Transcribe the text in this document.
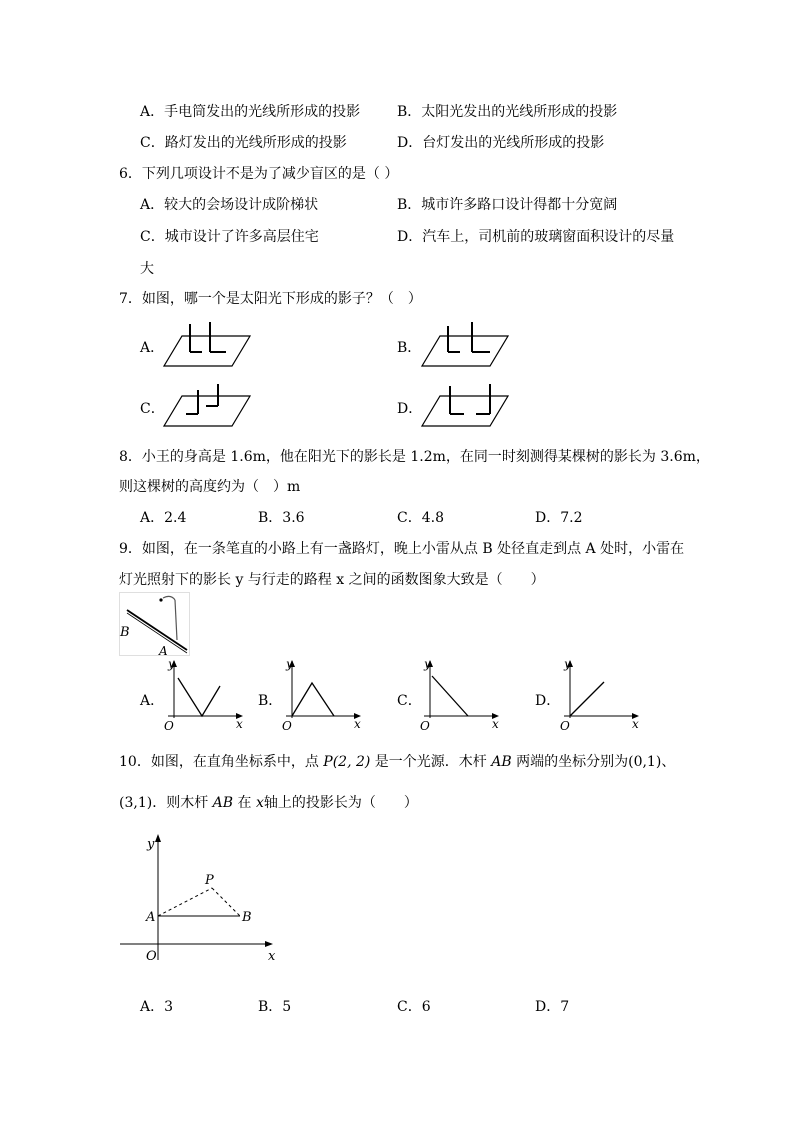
A．手电筒发出的光线所形成的投影	B．太阳光发出的光线所形成的投影
C．路灯发出的光线所形成的投影	D．台灯发出的光线所形成的投影
6．下列几项设计不是为了减少盲区的是（ ）
A．较大的会场设计成阶梯状	B．城市许多路口设计得都十分宽阔
C．城市设计了许多高层住宅	D．汽车上，司机前的玻璃窗面积设计的尽量
大
7．如图，哪一个是太阳光下形成的影子？（　）
A．	B．
C．	D．
8．小王的身高是 1.6m，他在阳光下的影长是 1.2m，在同一时刻测得某棵树的影长为 3.6m，
则这棵树的高度约为（　）m
A．2.4	B．3.6	C．4.8	D．7.2
9．如图，在一条笔直的小路上有一盏路灯，晚上小雷从点 B 处径直走到点 A 处时，小雷在
灯光照射下的影长 y 与行走的路程 x 之间的函数图象大致是（　　）
B
A
A．	B．	C．	D．
y
x
O
y
x
O
y
x
O
y
x
O
10．如图，在直角坐标系中，点 P(2, 2) 是一个光源．木杆 AB 两端的坐标分别为(0,1)、
(3,1)．则木杆 AB 在 x轴上的投影长为（　　）
y
x
O
P
A	B
A．3	B．5	C．6	D．7
